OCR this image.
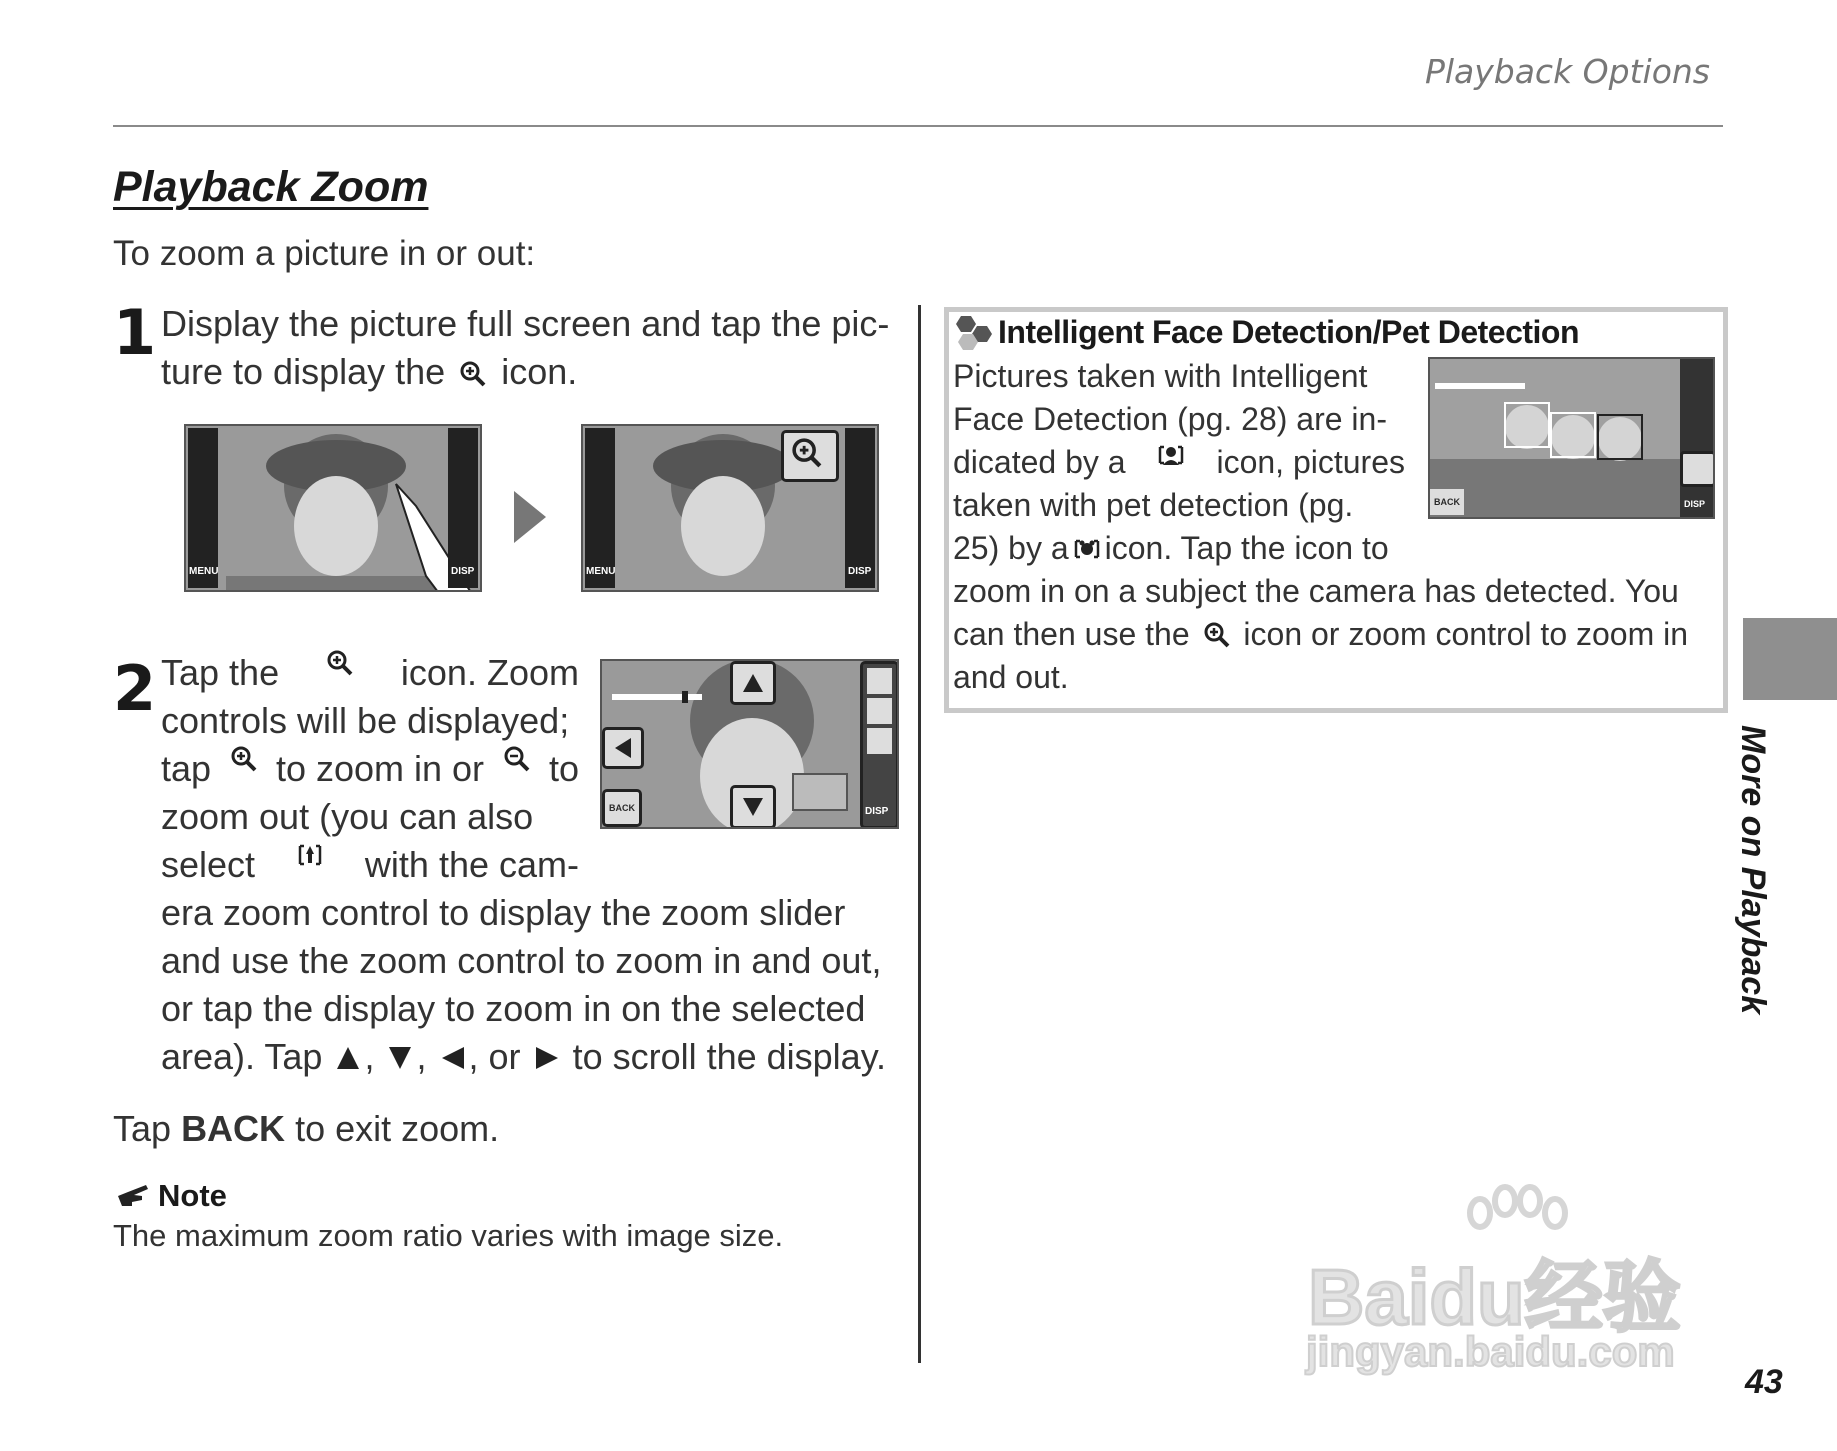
Playback Options
Playback Zoom
To zoom a picture in or out:
1 Display the picture full screen and tap the pic-
ture to display the icon.
MENU	DISP	MENU	DISP
2 Tap the	icon. Zoom
controls will be displayed;
tap to zoom in or to
zoom out (you can also
select	with the cam-
era zoom control to display the zoom slider
and use the zoom control to zoom in and out,
or tap the display to zoom in on the selected
area). Tap , , , or to scroll the display.
BACK	DISP
Tap BACK to exit zoom.
Note
The maximum zoom ratio varies with image size.
Intelligent Face Detection/Pet Detection
Pictures taken with Intelligent
Face Detection (pg. 28) are in-
dicated by a	icon, pictures
taken with pet detection (pg.
25) by a icon. Tap the icon to
zoom in on a subject the camera has detected. You
can then use the icon or zoom control to zoom in
and out.
BACK	DISP
More on Playback
Baidu经验
jingyan.baidu.com
43
